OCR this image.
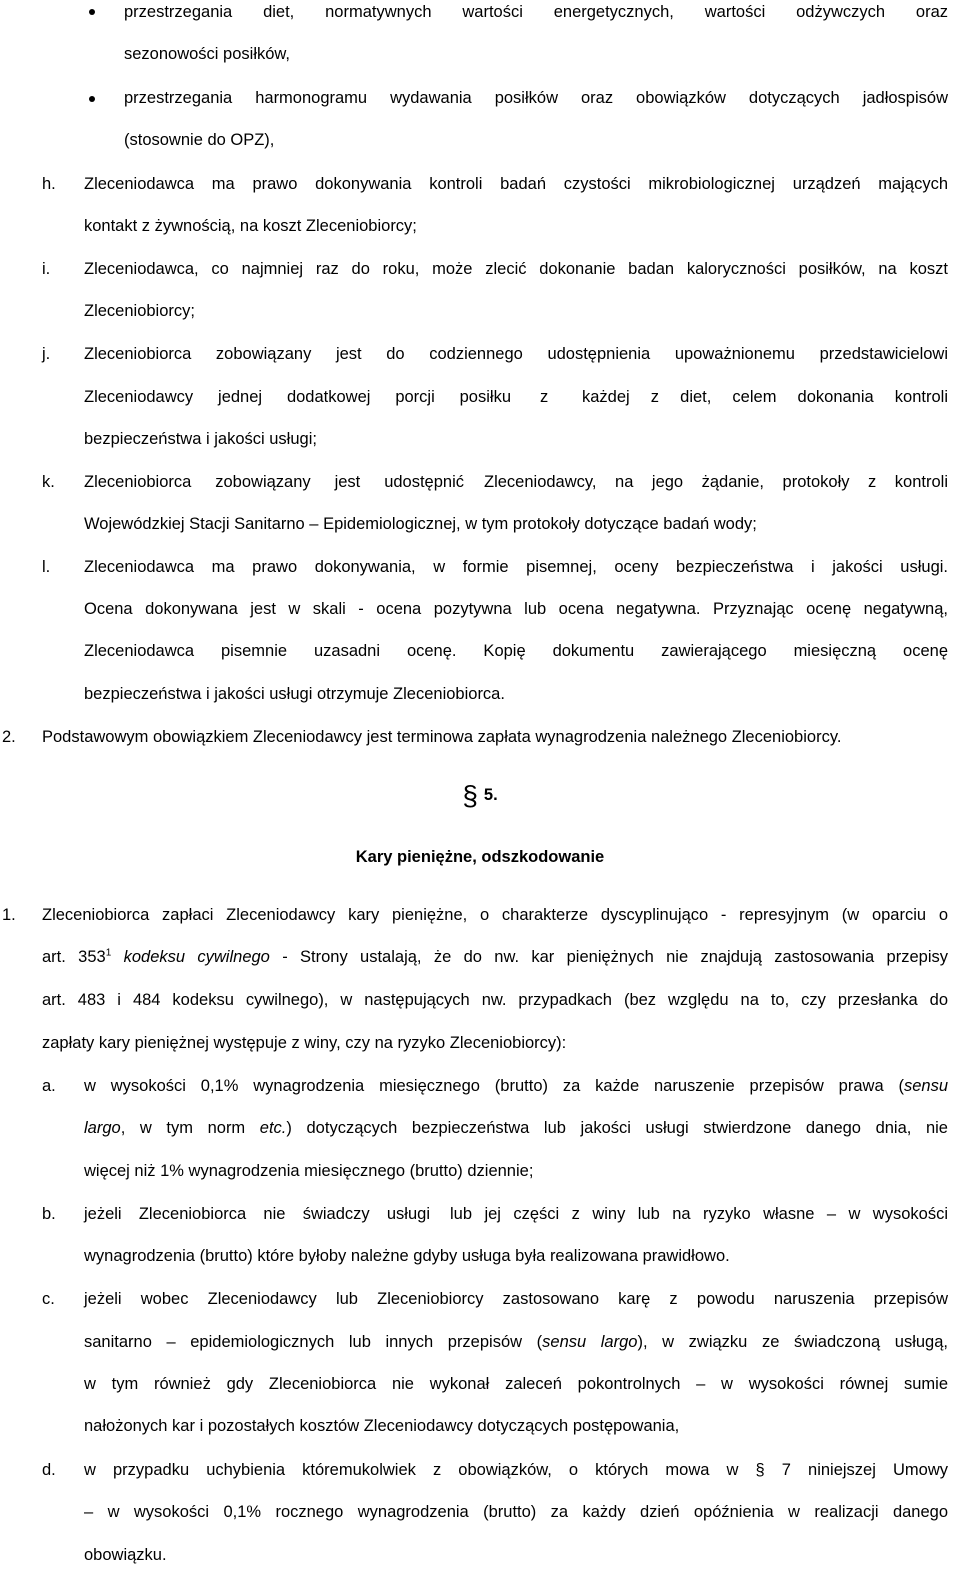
przestrzegania diet, normatywnych wartości energetycznych, wartości odżywczych oraz
sezonowości posiłków,
przestrzegania harmonogramu wydawania posiłków oraz obowiązków dotyczących jadłospisów
(stosownie do OPZ),
h. Zleceniodawca ma prawo dokonywania kontroli badań czystości mikrobiologicznej urządzeń mających
kontakt z żywnością, na koszt Zleceniobiorcy;
i. Zleceniodawca, co najmniej raz do roku, może zlecić dokonanie badan kaloryczności posiłków, na koszt
Zleceniobiorcy;
j. Zleceniobiorca zobowiązany jest do codziennego udostępnienia upoważnionemu przedstawicielowi
Zleceniodawcy jednej dodatkowej porcji posiłku z każdej z diet, celem dokonania kontroli
bezpieczeństwa i jakości usługi;
k. Zleceniobiorca zobowiązany jest udostępnić Zleceniodawcy, na jego żądanie, protokoły z kontroli
Wojewódzkiej Stacji Sanitarno – Epidemiologicznej, w tym protokoły dotyczące badań wody;
l. Zleceniodawca ma prawo dokonywania, w formie pisemnej, oceny bezpieczeństwa i jakości usługi.
Ocena dokonywana jest w skali - ocena pozytywna lub ocena negatywna. Przyznając ocenę negatywną,
Zleceniodawca pisemnie uzasadni ocenę. Kopię dokumentu zawierającego miesięczną ocenę
bezpieczeństwa i jakości usługi otrzymuje Zleceniobiorca.
2. Podstawowym obowiązkiem Zleceniodawcy jest terminowa zapłata wynagrodzenia należnego Zleceniobiorcy.
§ 5.
Kary pieniężne, odszkodowanie
1. Zleceniobiorca zapłaci Zleceniodawcy kary pieniężne, o charakterze dyscyplinująco - represyjnym (w oparciu o
art. $353^1$ kodeksu cywilnego - Strony ustalają, że do nw. kar pieniężnych nie znajdują zastosowania przepisy
art. 483 i 484 kodeksu cywilnego), w następujących nw. przypadkach (bez względu na to, czy przesłanka do
zapłaty kary pieniężnej występuje z winy, czy na ryzyko Zleceniobiorcy):
a. w wysokości 0,1% wynagrodzenia miesięcznego (brutto) za każde naruszenie przepisów prawa (sensu
largo, w tym norm etc.) dotyczących bezpieczeństwa lub jakości usługi stwierdzone danego dnia, nie
więcej niż 1% wynagrodzenia miesięcznego (brutto) dziennie;
b. jeżeli Zleceniobiorca nie świadczy usługi lub jej części z winy lub na ryzyko własne – w wysokości
wynagrodzenia (brutto) które byłoby należne gdyby usługa była realizowana prawidłowo.
c. jeżeli wobec Zleceniodawcy lub Zleceniobiorcy zastosowano karę z powodu naruszenia przepisów
sanitarno – epidemiologicznych lub innych przepisów (sensu largo), w związku ze świadczoną usługą,
w tym również gdy Zleceniobiorca nie wykonał zaleceń pokontrolnych – w wysokości równej sumie
nałożonych kar i pozostałych kosztów Zleceniodawcy dotyczących postępowania,
d. w przypadku uchybienia któremukolwiek z obowiązków, o których mowa w § 7 niniejszej Umowy
– w wysokości 0,1% rocznego wynagrodzenia (brutto) za każdy dzień opóźnienia w realizacji danego
obowiązku.
